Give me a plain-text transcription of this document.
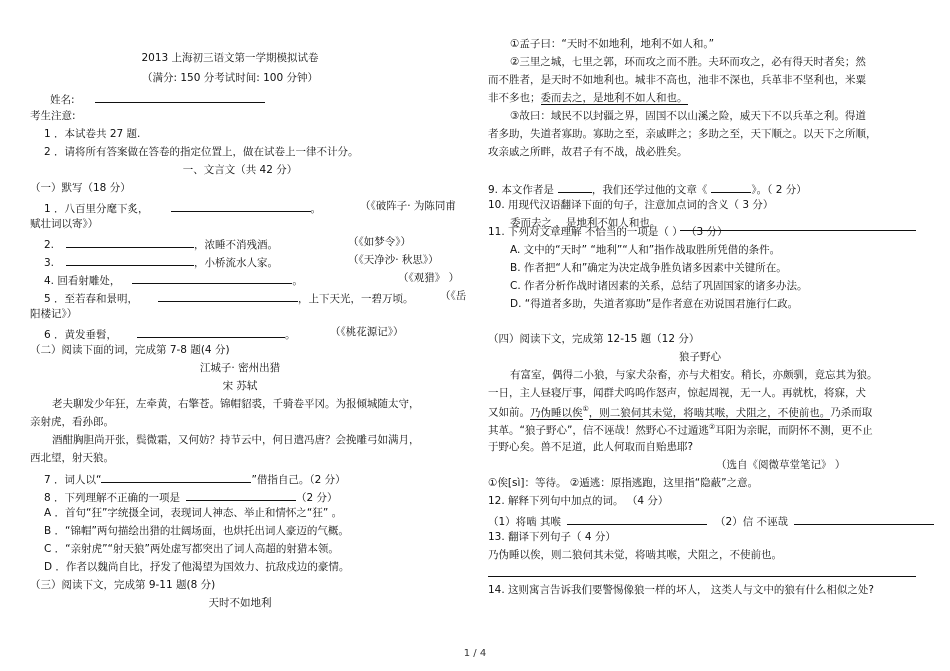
2013 上海初三语文第一学期模拟试卷
（满分: 150 分考试时间: 100 分钟）
姓名:
考生注意:
1 ．本试卷共 27 题.
2 ．请将所有答案做在答卷的指定位置上，做在试卷上一律不计分。
一、文言文（共 42 分）
（一）默写（18 分）
1 ．八百里分麾下炙，	。	（《破阵子· 为陈同甫
赋壮词以寄》）
2.	，浓睡不消残酒。	（《如梦令》）
3.	，小桥流水人家。	（《天净沙· 秋思》）
4. 回看射雕处，	。	（《观猎》 ）
5 ．至若春和景明，	，上下天光，一碧万顷。	（《岳
阳楼记》）
6 ．黄发垂髫，	。	（《桃花源记》）
（二）阅读下面的词，完成第 7-8 题(4 分)
江城子· 密州出猎
宋 苏轼
老夫聊发少年狂，左牵黄，右擎苍。锦帽貂裘，千骑卷平冈。为报倾城随太守，
亲射虎，看孙郎。
酒酣胸胆尚开张，鬓微霜，又何妨？持节云中，何日遣冯唐？会挽雕弓如满月，
西北望，射天狼。
7 ．词人以“	”借指自己。（2 分）
8 ．下列理解不正确的一项是	（2 分）
A ．首句“狂”字统摄全词，表现词人神态、举止和情怀之“狂” 。
B ．“锦帽”两句描绘出猎的壮阔场面，也烘托出词人豪迈的气概。
C ．“亲射虎”“射天狼”两处虚写都突出了词人高超的射猎本领。
D ．作者以魏尚自比，抒发了他渴望为国效力、抗敌戍边的豪情。
（三）阅读下文，完成第 9-11 题(8 分)
天时不如地利
①孟子曰：“天时不如地利，地利不如人和。”
②三里之城，七里之郭，环而攻之而不胜。夫环而攻之，必有得天时者矣；然
而不胜者，是天时不如地利也。城非不高也，池非不深也，兵革非不坚利也，米粟
非不多也；委而去之，是地利不如人和也。
③故曰：域民不以封疆之界，固国不以山溪之险，威天下不以兵革之利。得道
者多助，失道者寡助。寡助之至，亲戚畔之；多助之至，天下顺之。以天下之所顺，
攻亲戚之所畔，故君子有不战，战必胜矣。
9. 本文作者是	，我们还学过他的文章《	》。（ 2 分）
10. 用现代汉语翻译下面的句子，注意加点词的含义（ 3 分）
委而去之 ，是地利不如人和也。
11. 下列对文章理解 不恰当的一项是（ ） （3 分）
A. 文中的“天时” “地利”“人和”指作战取胜所凭借的条件。
B. 作者把“人和”确定为决定战争胜负诸多因素中关键所在。
C. 作者分析作战时诸因素的关系，总结了巩固国家的诸多办法。
D. “得道者多助，失道者寡助”是作者意在劝说国君施行仁政。
（四）阅读下文，完成第 12-15 题（12 分）
狼子野心
有富室，偶得二小狼，与家犬杂畜，亦与犬相安。稍长，亦颇驯，竟忘其为狼。
一日，主人昼寝厅事，闻群犬呜呜作怒声，惊起周视，无一人。再就枕，将寐，犬
又如前。乃伪睡以俟①，则二狼伺其未觉，将啮其喉，犬阻之，不使前也。乃杀而取
其革。“狼子野心”，信不诬哉！然野心不过遁逃②耳阳为亲昵，而阴怀不测，更不止
于野心矣。兽不足道，此人何取而自贻患耶?
（选自《阅微草堂笔记》 ）
①俟[sì]：等待。 ②遁逃：原指逃跑，这里指“隐蔽”之意。
12. 解释下列句中加点的词。 （4 分）
（1）将啮 其喉	（2）信 不诬哉
13. 翻译下列句子（ 4 分）
乃伪睡以俟，则二狼伺其未觉，将啮其喉，犬阻之，不使前也。
14. 这则寓言告诉我们要警惕像狼一样的坏人， 这类人与文中的狼有什么相似之处?
1 / 4
